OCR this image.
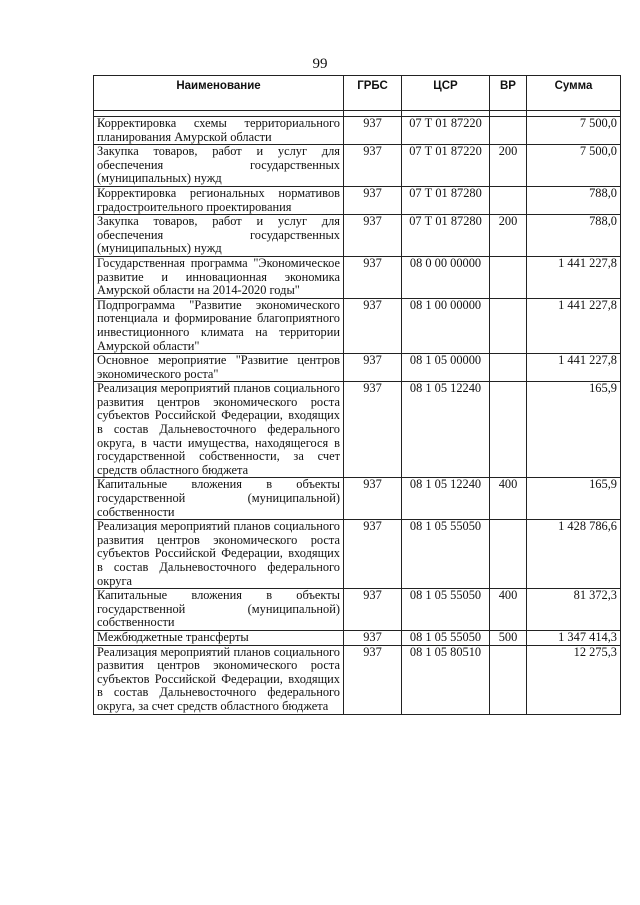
99
Наименование	ГРБС	ЦСР	ВР	Сумма

Корректировка схемы территориального планирования Амурской области	937	07 Т 01 87220		7 500,0
Закупка товаров, работ и услуг для обеспечения государственных (муниципальных) нужд	937	07 Т 01 87220	200	7 500,0
Корректировка региональных нормативов градостроительного проектирования	937	07 Т 01 87280		788,0
Закупка товаров, работ и услуг для обеспечения государственных (муниципальных) нужд	937	07 Т 01 87280	200	788,0
Государственная программа "Экономическое развитие и инновационная экономика Амурской области на 2014-2020 годы"	937	08 0 00 00000		1 441 227,8
Подпрограмма "Развитие экономического потенциала и формирование благоприятного инвестиционного климата на территории Амурской области"	937	08 1 00 00000		1 441 227,8
Основное мероприятие "Развитие центров экономического роста"	937	08 1 05 00000		1 441 227,8
Реализация мероприятий планов социального развития центров экономического роста субъектов Российской Федерации, входящих в состав Дальневосточного федерального округа, в части имущества, находящегося в государственной собственности, за счет средств областного бюджета	937	08 1 05 12240		165,9
Капитальные вложения в объекты государственной (муниципальной) собственности	937	08 1 05 12240	400	165,9
Реализация мероприятий планов социального развития центров экономического роста субъектов Российской Федерации, входящих в состав Дальневосточного федерального округа	937	08 1 05 55050		1 428 786,6
Капитальные вложения в объекты государственной (муниципальной) собственности	937	08 1 05 55050	400	81 372,3
Межбюджетные трансферты	937	08 1 05 55050	500	1 347 414,3
Реализация мероприятий планов социального развития центров экономического роста субъектов Российской Федерации, входящих в состав Дальневосточного федерального округа, за счет средств областного бюджета	937	08 1 05 80510		12 275,3
